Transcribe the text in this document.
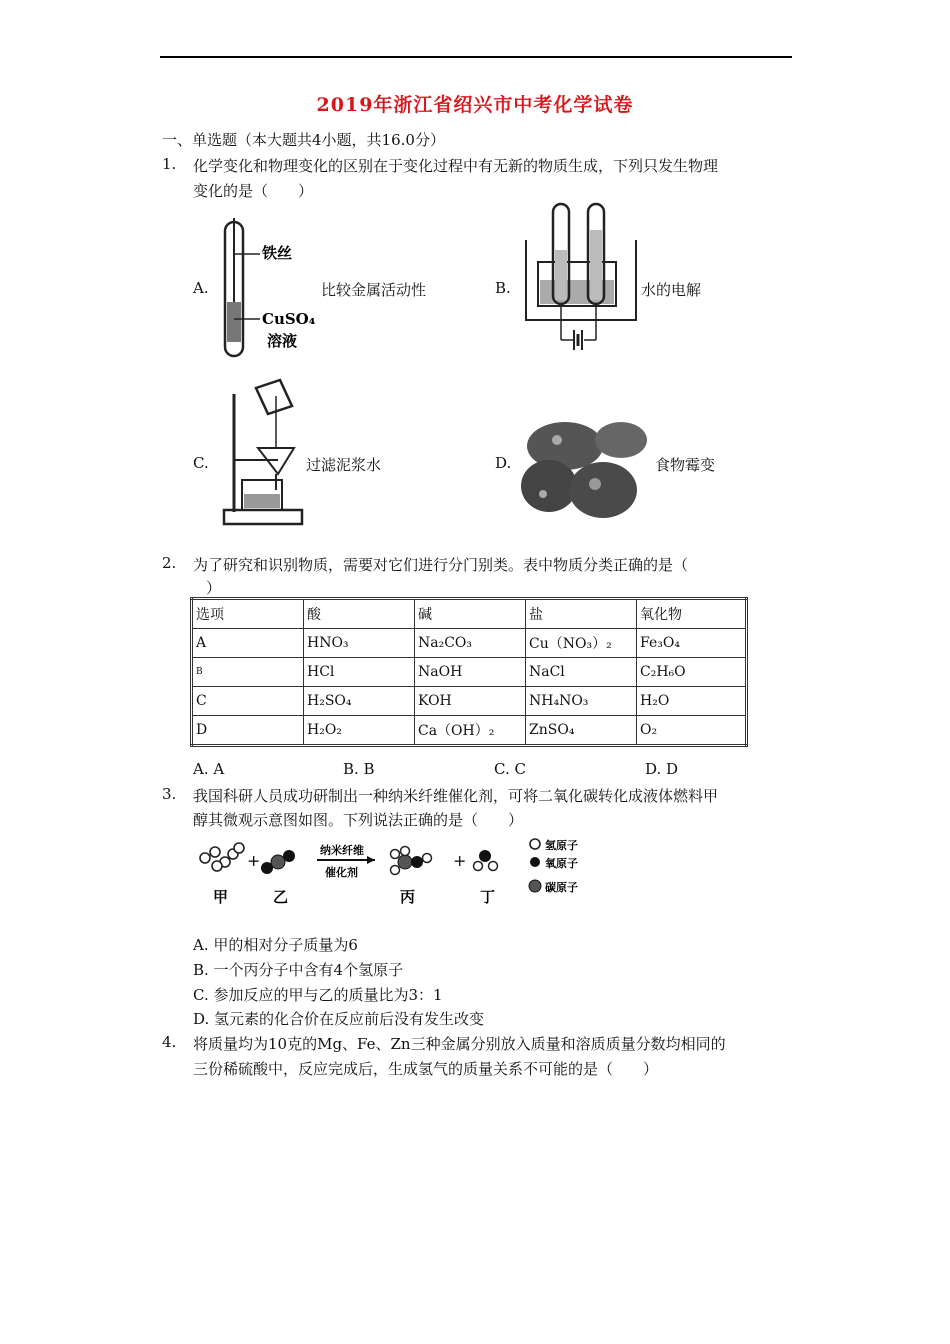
2019年浙江省绍兴市中考化学试卷
一、单选题（本大题共4小题，共16.0分）
1. 化学变化和物理变化的区别在于变化过程中有无新的物质生成，下列只发生物理
变化的是（　　）
A.
铁丝
CuSO₄
溶液
比较金属活动性	B.	水的电解
C.	过滤泥浆水	D.	食物霉变
2. 为了研究和识别物质，需要对它们进行分门别类。表中物质分类正确的是（
）
选项	酸	碱	盐	氧化物
A	HNO₃	Na₂CO₃	Cu（NO₃）₂	Fe₃O₄
B	HCl	NaOH	NaCl	C₂H₆O
C	H₂SO₄	KOH	NH₄NO₃	H₂O
D	H₂O₂	Ca（OH）₂	ZnSO₄	O₂
A. A	B. B	C. C	D. D
3. 我国科研人员成功研制出一种纳米纤维催化剂，可将二氧化碳转化成液体燃料甲
醇其微观示意图如图。下列说法正确的是（　　）
+
纳米纤维
催化剂
+
甲	乙	丙	丁
氢原子
氧原子
碳原子
A. 甲的相对分子质量为6
B. 一个丙分子中含有4个氢原子
C. 参加反应的甲与乙的质量比为3：1
D. 氢元素的化合价在反应前后没有发生改变
4. 将质量均为10克的Mg、Fe、Zn三种金属分别放入质量和溶质质量分数均相同的
三份稀硫酸中，反应完成后，生成氢气的质量关系不可能的是（　　）
